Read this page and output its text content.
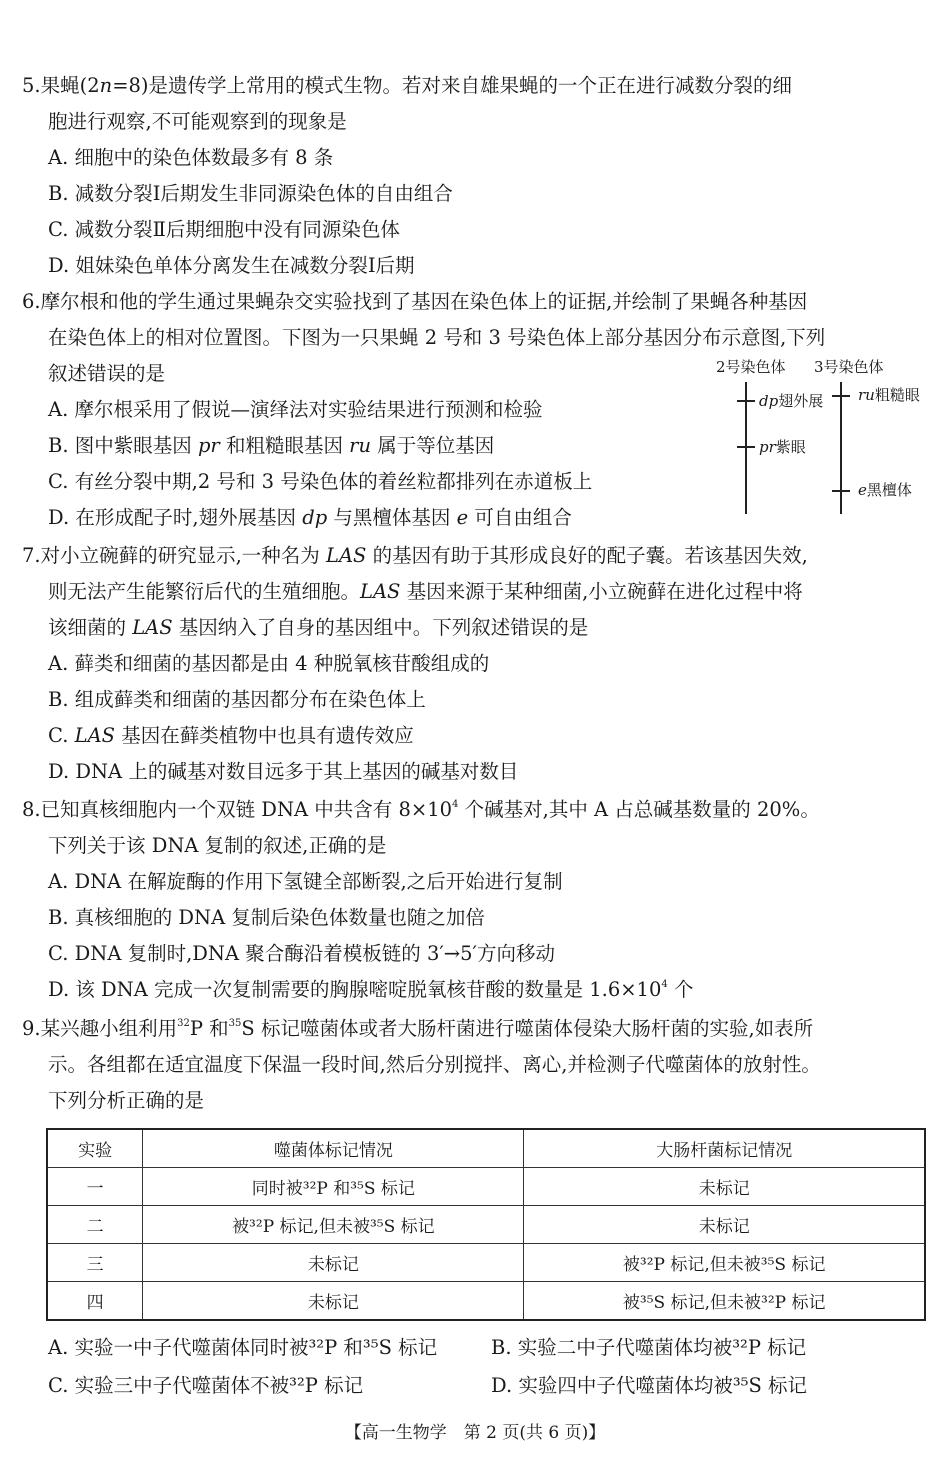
5.果蝇(2n=8)是遗传学上常用的模式生物。若对来自雄果蝇的一个正在进行减数分裂的细
胞进行观察,不可能观察到的现象是
A. 细胞中的染色体数最多有 8 条
B. 减数分裂Ⅰ后期发生非同源染色体的自由组合
C. 减数分裂Ⅱ后期细胞中没有同源染色体
D. 姐妹染色单体分离发生在减数分裂Ⅰ后期
6.摩尔根和他的学生通过果蝇杂交实验找到了基因在染色体上的证据,并绘制了果蝇各种基因
在染色体上的相对位置图。下图为一只果蝇 2 号和 3 号染色体上部分基因分布示意图,下列
叙述错误的是
A. 摩尔根采用了假说—演绎法对实验结果进行预测和检验
B. 图中紫眼基因 pr 和粗糙眼基因 ru 属于等位基因
C. 有丝分裂中期,2 号和 3 号染色体的着丝粒都排列在赤道板上
D. 在形成配子时,翅外展基因 dp 与黑檀体基因 e 可自由组合
2号染色体 3号染色体
dp翅外展
pr紫眼
ru粗糙眼
e黑檀体
7.对小立碗藓的研究显示,一种名为 LAS 的基因有助于其形成良好的配子囊。若该基因失效,
则无法产生能繁衍后代的生殖细胞。LAS 基因来源于某种细菌,小立碗藓在进化过程中将
该细菌的 LAS 基因纳入了自身的基因组中。下列叙述错误的是
A. 藓类和细菌的基因都是由 4 种脱氧核苷酸组成的
B. 组成藓类和细菌的基因都分布在染色体上
C. LAS 基因在藓类植物中也具有遗传效应
D. DNA 上的碱基对数目远多于其上基因的碱基对数目
8.已知真核细胞内一个双链 DNA 中共含有 $8\times 10^4$ 个碱基对,其中 A 占总碱基数量的 20%。
下列关于该 DNA 复制的叙述,正确的是
A. DNA 在解旋酶的作用下氢键全部断裂,之后开始进行复制
B. 真核细胞的 DNA 复制后染色体数量也随之加倍
C. DNA 复制时,DNA 聚合酶沿着模板链的 3′→5′方向移动
D. 该 DNA 完成一次复制需要的胸腺嘧啶脱氧核苷酸的数量是 $1.6\times 10^4$ 个
9.某兴趣小组利用$^{32}$P 和$^{35}$S 标记噬菌体或者大肠杆菌进行噬菌体侵染大肠杆菌的实验,如表所
示。各组都在适宜温度下保温一段时间,然后分别搅拌、离心,并检测子代噬菌体的放射性。
下列分析正确的是
实验	噬菌体标记情况	大肠杆菌标记情况
一	同时被³²P 和³⁵S 标记	未标记
二	被³²P 标记,但未被³⁵S 标记	未标记
三	未标记	被³²P 标记,但未被³⁵S 标记
四	未标记	被³⁵S 标记,但未被³²P 标记
A. 实验一中子代噬菌体同时被³²P 和³⁵S 标记	B. 实验二中子代噬菌体均被³²P 标记
C. 实验三中子代噬菌体不被³²P 标记	D. 实验四中子代噬菌体均被³⁵S 标记
【高一生物学　第 2 页(共 6 页)】
